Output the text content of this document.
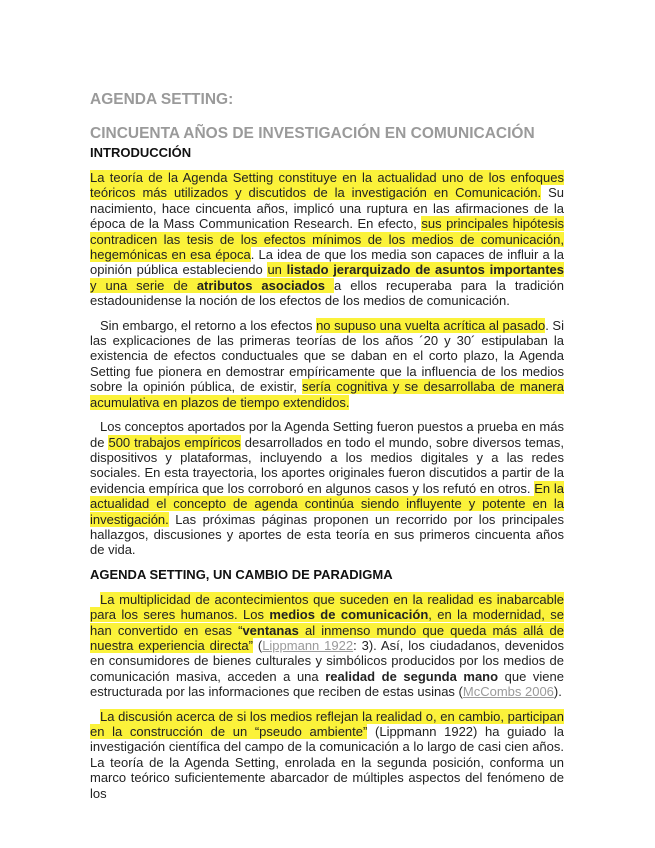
AGENDA SETTING:
CINCUENTA AÑOS DE INVESTIGACIÓN EN COMUNICACIÓN
INTRODUCCIÓN

La teoría de la Agenda Setting constituye en la actualidad uno de los enfoques teóricos más utilizados y discutidos de la investigación en Comunicación. Su nacimiento, hace cincuenta años, implicó una ruptura en las afirmaciones de la época de la Mass Communication Research. En efecto, sus principales hipótesis contradicen las tesis de los efectos mínimos de los medios de comunicación, hegemónicas en esa época. La idea de que los media son capaces de influir a la opinión pública estableciendo un listado jerarquizado de asuntos importantes y una serie de atributos asociados a ellos recuperaba para la tradición estadounidense la noción de los efectos de los medios de comunicación.

Sin embargo, el retorno a los efectos no supuso una vuelta acrítica al pasado. Si las explicaciones de las primeras teorías de los años ´20 y 30´ estipulaban la existencia de efectos conductuales que se daban en el corto plazo, la Agenda Setting fue pionera en demostrar empíricamente que la influencia de los medios sobre la opinión pública, de existir, sería cognitiva y se desarrollaba de manera acumulativa en plazos de tiempo extendidos.

Los conceptos aportados por la Agenda Setting fueron puestos a prueba en más de 500 trabajos empíricos desarrollados en todo el mundo, sobre diversos temas, dispositivos y plataformas, incluyendo a los medios digitales y a las redes sociales. En esta trayectoria, los aportes originales fueron discutidos a partir de la evidencia empírica que los corroboró en algunos casos y los refutó en otros. En la actualidad el concepto de agenda continúa siendo influyente y potente en la investigación. Las próximas páginas proponen un recorrido por los principales hallazgos, discusiones y aportes de esta teoría en sus primeros cincuenta años de vida.

AGENDA SETTING, UN CAMBIO DE PARADIGMA

La multiplicidad de acontecimientos que suceden en la realidad es inabarcable para los seres humanos. Los medios de comunicación, en la modernidad, se han convertido en esas “ventanas al inmenso mundo que queda más allá de nuestra experiencia directa” (Lippmann 1922: 3). Así, los ciudadanos, devenidos en consumidores de bienes culturales y simbólicos producidos por los medios de comunicación masiva, acceden a una realidad de segunda mano que viene estructurada por las informaciones que reciben de estas usinas (McCombs 2006).

La discusión acerca de si los medios reflejan la realidad o, en cambio, participan en la construcción de un “pseudo ambiente” (Lippmann 1922) ha guiado la investigación científica del campo de la comunicación a lo largo de casi cien años. La teoría de la Agenda Setting, enrolada en la segunda posición, conforma un marco teórico suficientemente abarcador de múltiples aspectos del fenómeno de los
